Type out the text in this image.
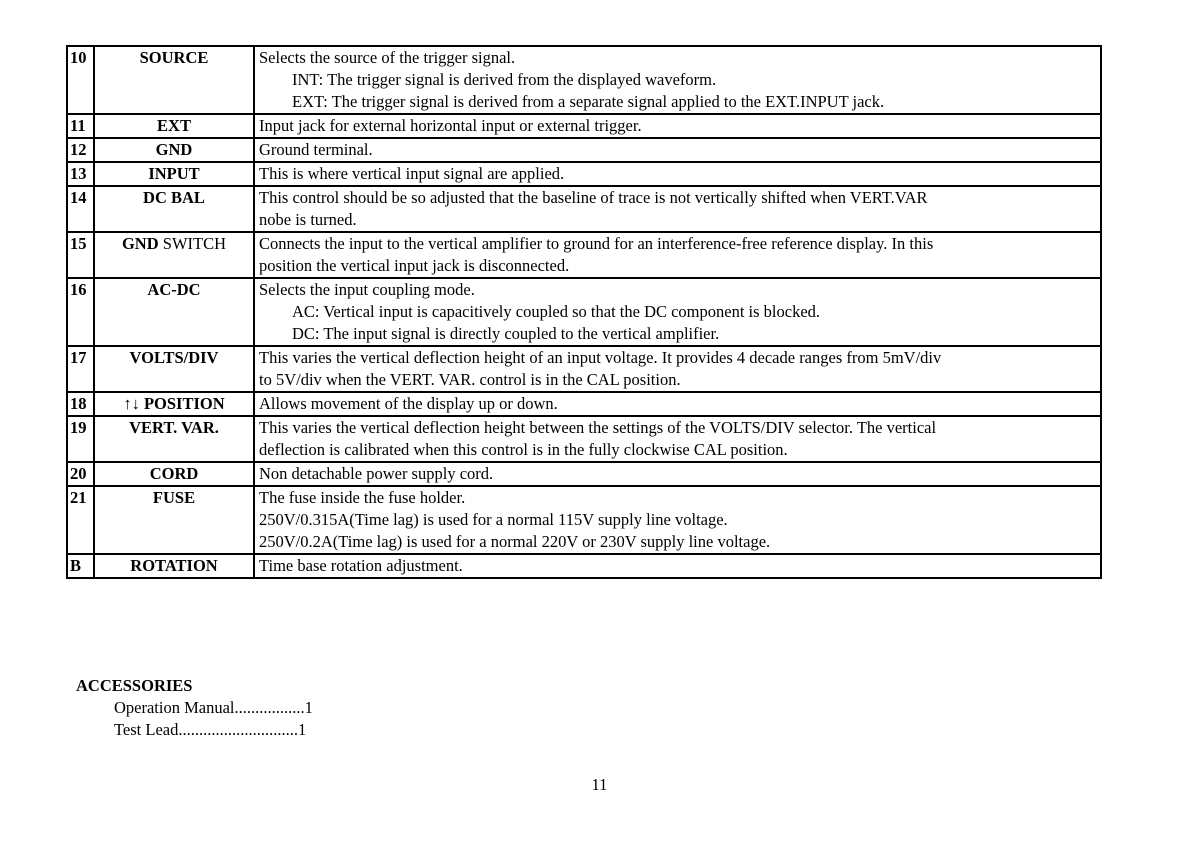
10	SOURCE	Selects the source of the trigger signal.
INT: The trigger signal is derived from the displayed waveform.
EXT: The trigger signal is derived from a separate signal applied to the EXT.INPUT jack.

11	EXT	Input jack for external horizontal input or external trigger.

12	GND	Ground terminal.

13	INPUT	This is where vertical input signal are applied.

14	DC BAL	This control should be so adjusted that the baseline of trace is not vertically shifted when VERT.VAR
nobe is turned.

15	GND SWITCH	Connects the input to the vertical amplifier to ground for an interference-free reference display. In this
position the vertical input jack is disconnected.

16	AC-DC	Selects the input coupling mode.
AC: Vertical input is capacitively coupled so that the DC component is blocked.
DC: The input signal is directly coupled to the vertical amplifier.

17	VOLTS/DIV	This varies the vertical deflection height of an input voltage. It provides 4 decade ranges from 5mV/div
to 5V/div when the VERT. VAR. control is in the CAL position.

18	↑↓ POSITION	Allows movement of the display up or down.

19	VERT. VAR.	This varies the vertical deflection height between the settings of the VOLTS/DIV selector. The vertical
deflection is calibrated when this control is in the fully clockwise CAL position.

20	CORD	Non detachable power supply cord.

21	FUSE	The fuse inside the fuse holder.
250V/0.315A(Time lag) is used for a normal 115V supply line voltage.
250V/0.2A(Time lag) is used for a normal 220V or 230V supply line voltage.

B	ROTATION	Time base rotation adjustment.
ACCESSORIES
Operation Manual.................1
Test Lead.............................1
11
